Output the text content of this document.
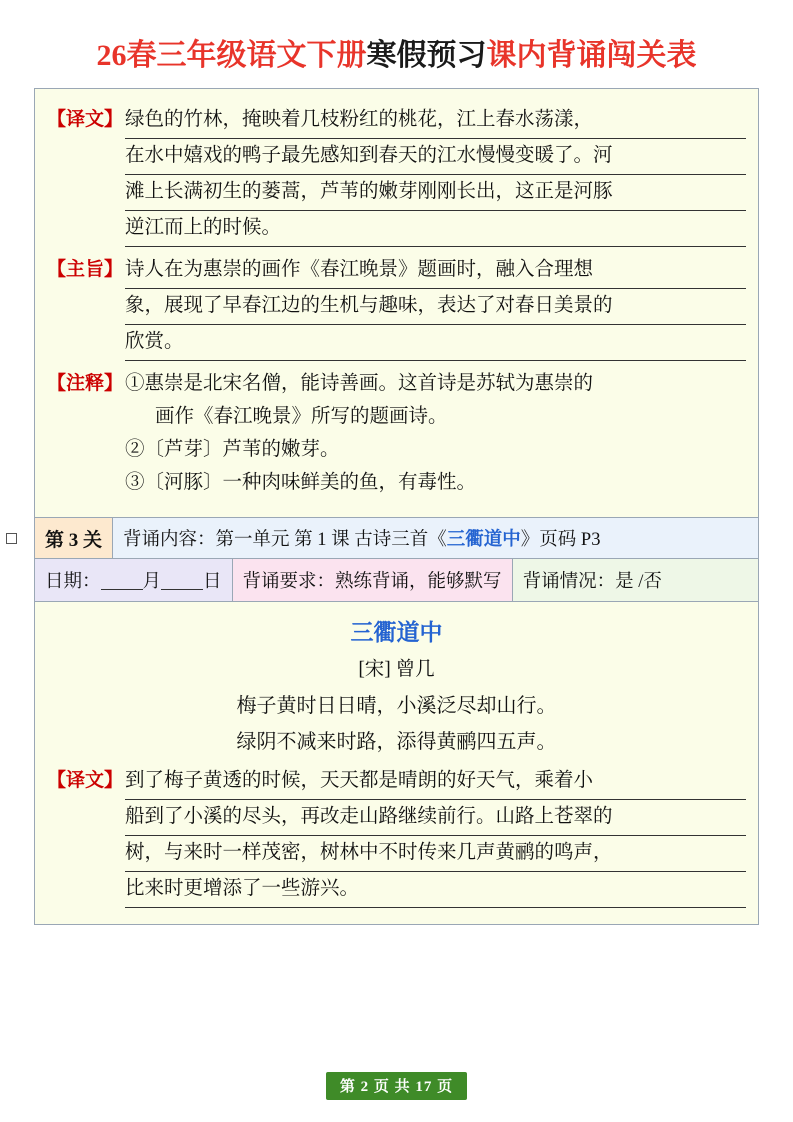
26春三年级语文下册寒假预习课内背诵闯关表
【译文】 绿色的竹林，掩映着几枝粉红的桃花，江上春水荡漾，
在水中嬉戏的鸭子最先感知到春天的江水慢慢变暖了。河
滩上长满初生的蒌蒿，芦苇的嫩芽刚刚长出，这正是河豚
逆江而上的时候。
【主旨】 诗人在为惠崇的画作《春江晚景》题画时，融入合理想
象，展现了早春江边的生机与趣味，表达了对春日美景的
欣赏。
【注释】 ①惠崇是北宋名僧，能诗善画。这首诗是苏轼为惠崇的
画作《春江晚景》所写的题画诗。
②〔芦芽〕芦苇的嫩芽。
③〔河豚〕一种肉味鲜美的鱼，有毒性。
第 3 关	背诵内容：第一单元 第 1 课 古诗三首《 三衢道中 》页码 P3
日期： 月 日	背诵要求：熟练背诵，能够默写	背诵情况：是 /否
三衢道中
[宋] 曾几
梅子黄时日日晴，小溪泛尽却山行。
绿阴不减来时路，添得黄鹂四五声。
【译文】 到了梅子黄透的时候，天天都是晴朗的好天气，乘着小
船到了小溪的尽头，再改走山路继续前行。山路上苍翠的
树，与来时一样茂密，树林中不时传来几声黄鹂的鸣声，
比来时更增添了一些游兴。
第 2 页 共 17 页
